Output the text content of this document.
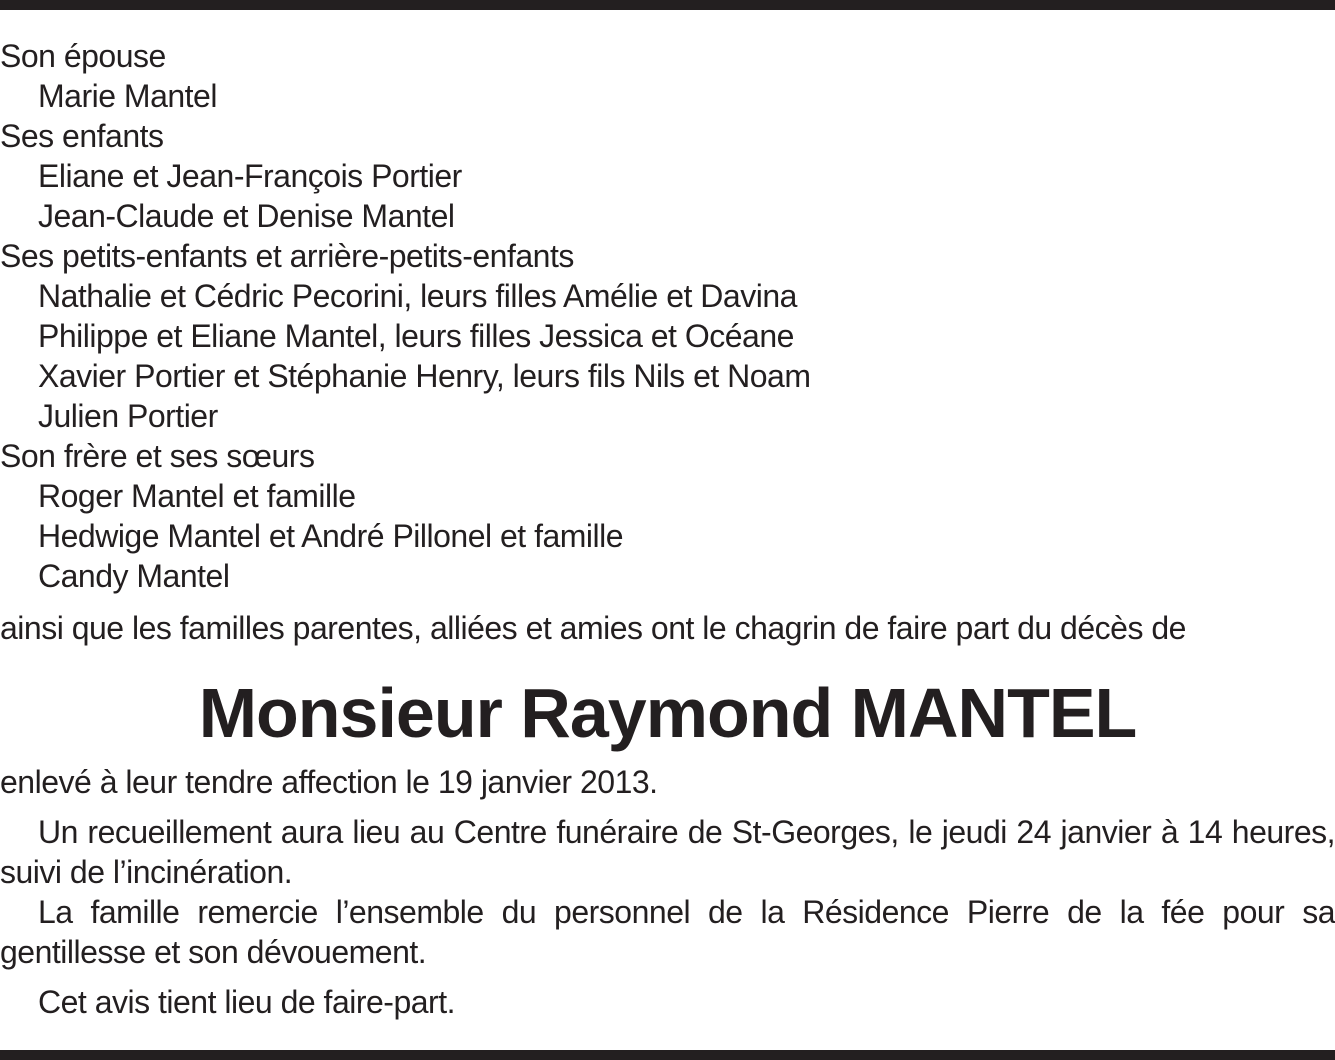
Son épouse
Marie Mantel
Ses enfants
Eliane et Jean-François Portier
Jean-Claude et Denise Mantel
Ses petits-enfants et arrière-petits-enfants
Nathalie et Cédric Pecorini, leurs filles Amélie et Davina
Philippe et Eliane Mantel, leurs filles Jessica et Océane
Xavier Portier et Stéphanie Henry, leurs fils Nils et Noam
Julien Portier
Son frère et ses sœurs
Roger Mantel et famille
Hedwige Mantel et André Pillonel et famille
Candy Mantel
ainsi que les familles parentes, alliées et amies ont le chagrin de faire part du décès de
Monsieur Raymond MANTEL
enlevé à leur tendre affection le 19 janvier 2013.

Un recueillement aura lieu au Centre funéraire de St-Georges, le jeudi 24 janvier à 14 heures, suivi de l’incinération.

La famille remercie l’ensemble du personnel de la Résidence Pierre de la fée pour sa gentillesse et son dévouement.

Cet avis tient lieu de faire-part.
